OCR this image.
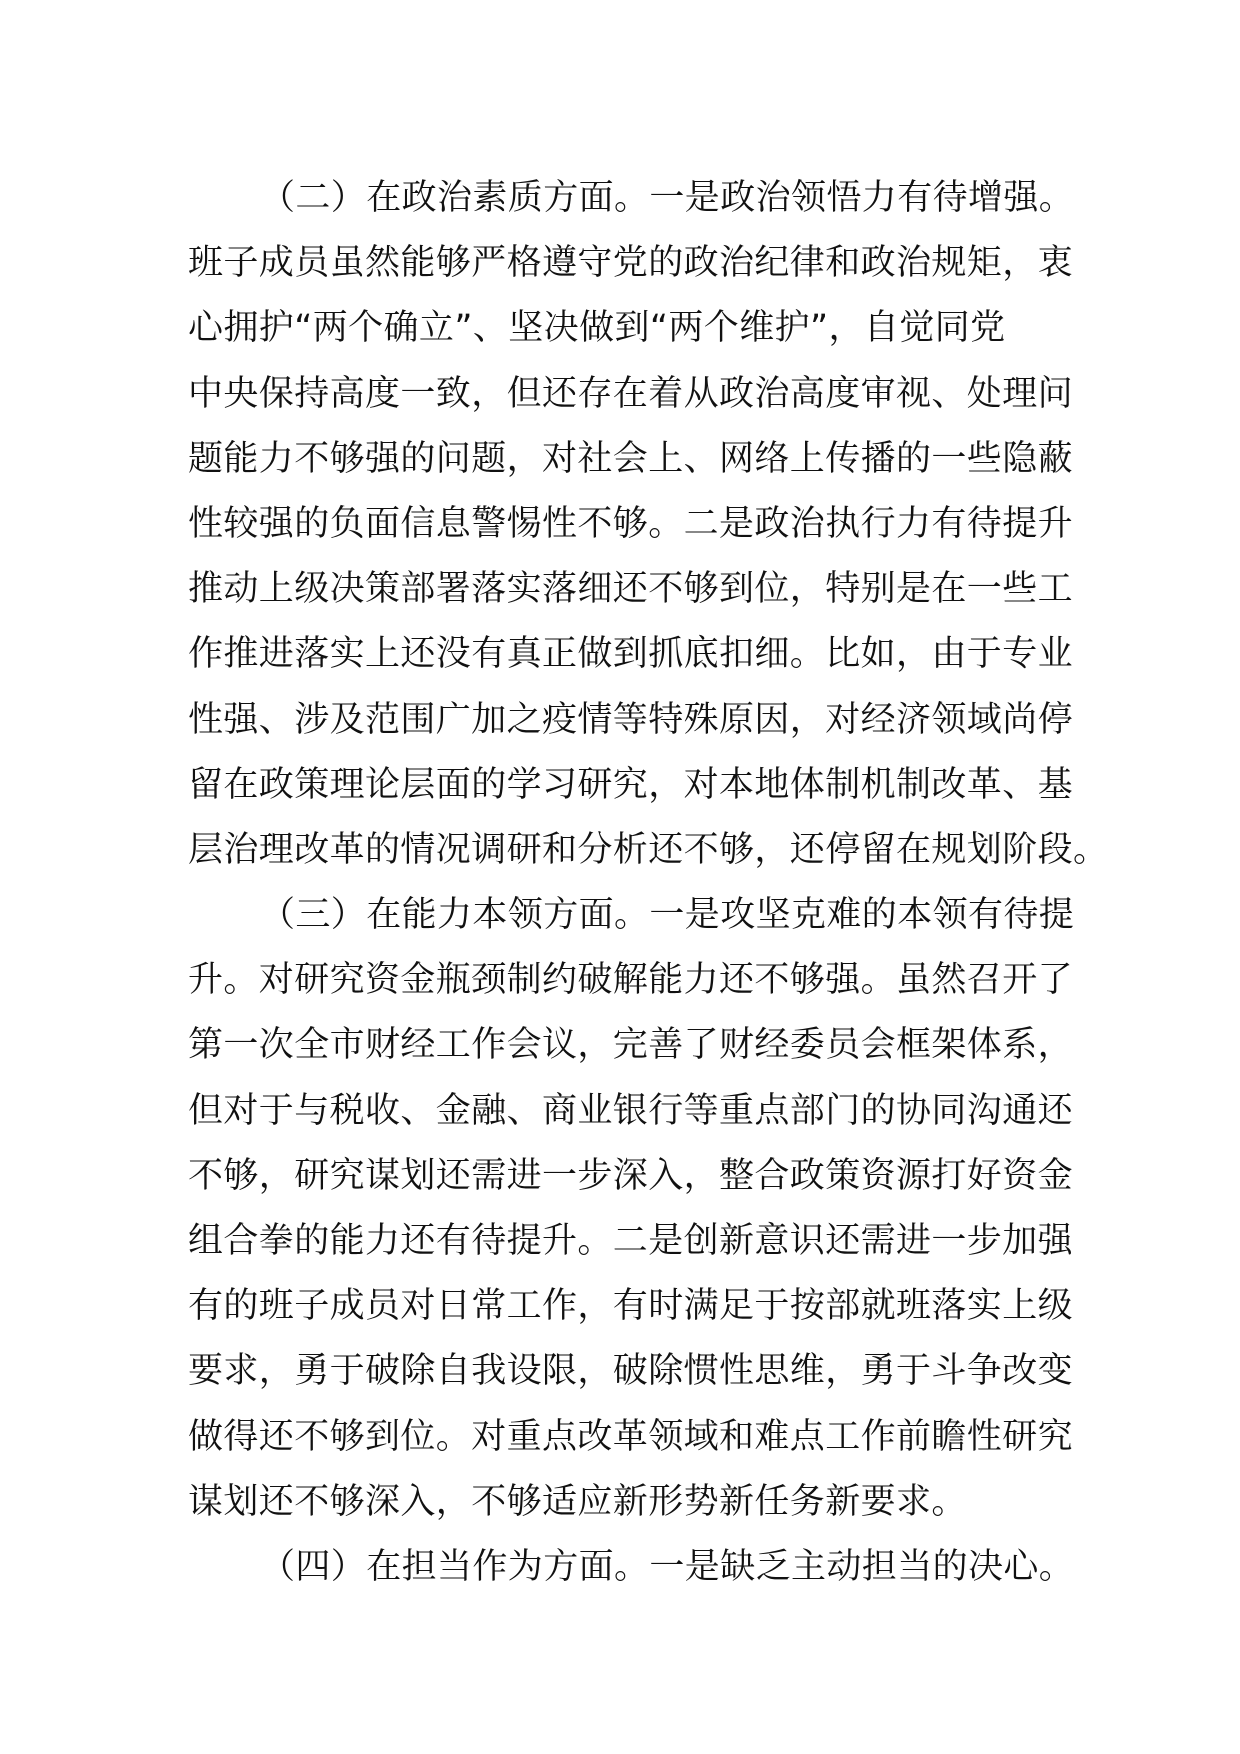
（二）在政治素质方面。一是政治领悟力有待增强。
班子成员虽然能够严格遵守党的政治纪律和政治规矩，衷
心拥护“两个确立”、坚决做到“两个维护”，自觉同党
中央保持高度一致，但还存在着从政治高度审视、处理问
题能力不够强的问题，对社会上、网络上传播的一些隐蔽
性较强的负面信息警惕性不够。二是政治执行力有待提升
推动上级决策部署落实落细还不够到位，特别是在一些工
作推进落实上还没有真正做到抓底扣细。比如，由于专业
性强、涉及范围广加之疫情等特殊原因，对经济领域尚停
留在政策理论层面的学习研究，对本地体制机制改革、基
层治理改革的情况调研和分析还不够，还停留在规划阶段。
（三）在能力本领方面。一是攻坚克难的本领有待提
升。对研究资金瓶颈制约破解能力还不够强。虽然召开了
第一次全市财经工作会议，完善了财经委员会框架体系，
但对于与税收、金融、商业银行等重点部门的协同沟通还
不够，研究谋划还需进一步深入，整合政策资源打好资金
组合拳的能力还有待提升。二是创新意识还需进一步加强
有的班子成员对日常工作，有时满足于按部就班落实上级
要求，勇于破除自我设限，破除惯性思维，勇于斗争改变
做得还不够到位。对重点改革领域和难点工作前瞻性研究
谋划还不够深入，不够适应新形势新任务新要求。
（四）在担当作为方面。一是缺乏主动担当的决心。
